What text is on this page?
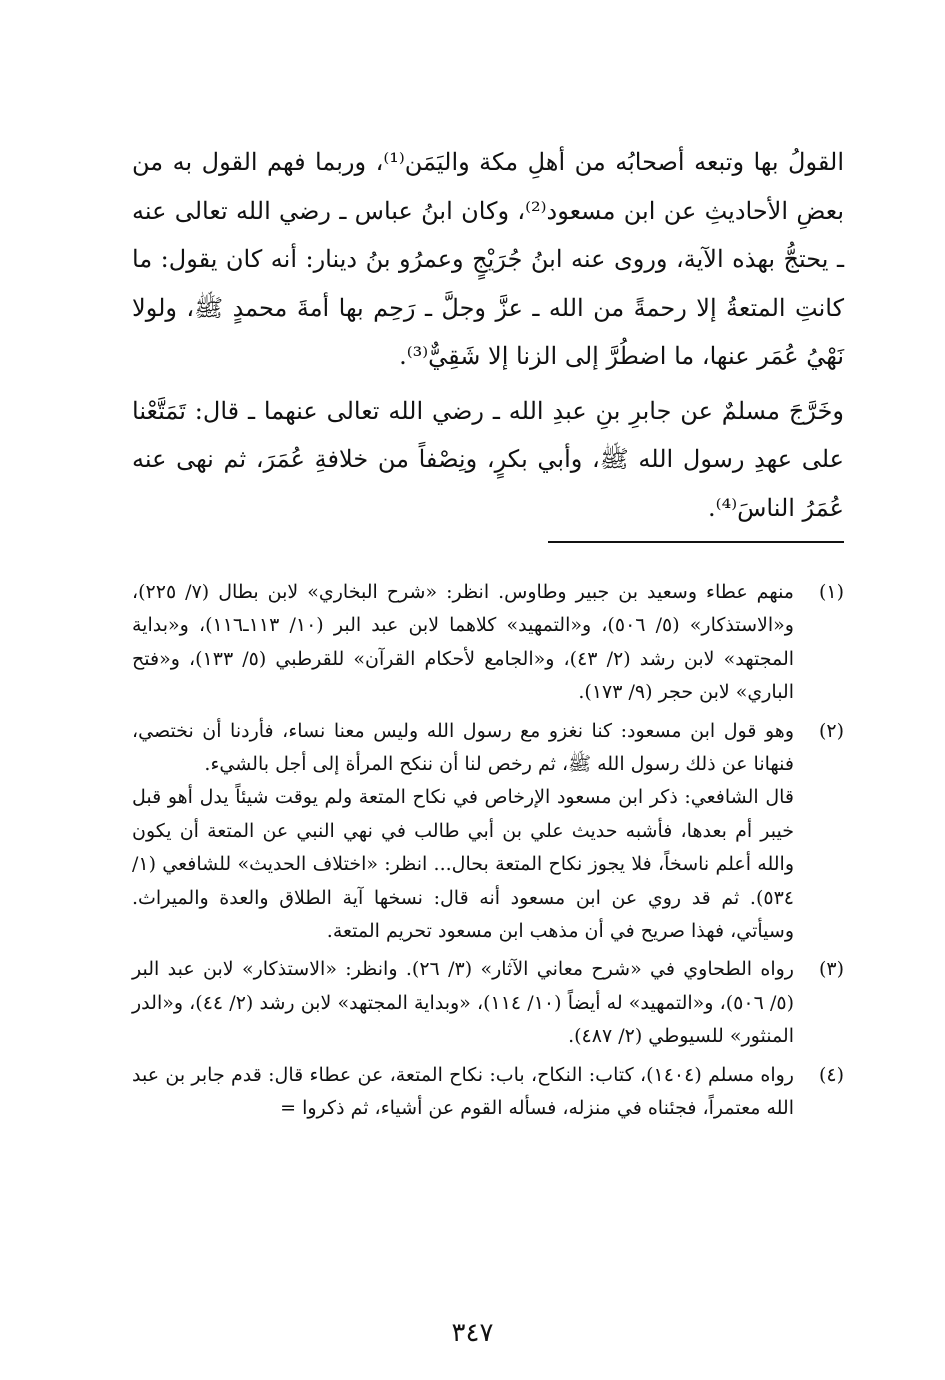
القولُ بها وتبعه أصحابُه من أهلِ مكة واليَمَن⁽¹⁾، وربما فهم القول به من بعضِ الأحاديثِ عن ابن مسعود⁽²⁾، وكان ابنُ عباس ـ رضي الله تعالى عنه ـ يحتجُّ بهذه الآية، وروى عنه ابنُ جُرَيْجٍ وعمرُو بنُ دينار: أنه كان يقول: ما كانتِ المتعةُ إلا رحمةً من الله ـ عزَّ وجلَّ ـ رَحِم بها أمةَ محمدٍ ﷺ، ولولا نَهْيُ عُمَر عنها، ما اضطُرَّ إلى الزنا إلا شَقِيٌّ⁽³⁾.

وخَرَّجَ مسلمٌ عن جابرِ بنِ عبدِ الله ـ رضي الله تعالى عنهما ـ قال: تَمَتَّعْنا على عهدِ رسول الله ﷺ، وأبي بكرٍ، ونِصْفاً من خلافةِ عُمَرَ، ثم نهى عنه عُمَرُ الناسَ⁽⁴⁾.

(١)

منهم عطاء وسعيد بن جبير وطاوس. انظر: «شرح البخاري» لابن بطال (٧/ ٢٢٥)، و«الاستذكار» (٥/ ٥٠٦)، و«التمهيد» كلاهما لابن عبد البر (١٠/ ١١٣ـ١١٦)، و«بداية المجتهد» لابن رشد (٢/ ٤٣)، و«الجامع لأحكام القرآن» للقرطبي (٥/ ١٣٣)، و«فتح الباري» لابن حجر (٩/ ١٧٣).

(٢)

وهو قول ابن مسعود: كنا نغزو مع رسول الله وليس معنا نساء، فأردنا أن نختصي، فنهانا عن ذلك رسول الله ﷺ، ثم رخص لنا أن ننكح المرأة إلى أجل بالشيء.

قال الشافعي: ذكر ابن مسعود الإرخاص في نكاح المتعة ولم يوقت شيئاً يدل أهو قبل خيبر أم بعدها، فأشبه حديث علي بن أبي طالب في نهي النبي عن المتعة أن يكون والله أعلم ناسخاً، فلا يجوز نكاح المتعة بحال... انظر: «اختلاف الحديث» للشافعي (١/ ٥٣٤). ثم قد روي عن ابن مسعود أنه قال: نسخها آية الطلاق والعدة والميراث. وسيأتي، فهذا صريح في أن مذهب ابن مسعود تحريم المتعة.

(٣)

رواه الطحاوي في «شرح معاني الآثار» (٣/ ٢٦). وانظر: «الاستذكار» لابن عبد البر (٥/ ٥٠٦)، و«التمهيد» له أيضاً (١٠/ ١١٤)، «وبداية المجتهد» لابن رشد (٢/ ٤٤)، و«الدر المنثور» للسيوطي (٢/ ٤٨٧).

(٤)

رواه مسلم (١٤٠٤)، كتاب: النكاح، باب: نكاح المتعة، عن عطاء قال: قدم جابر بن عبد الله معتمراً، فجئناه في منزله، فسأله القوم عن أشياء، ثم ذكروا =

٣٤٧
